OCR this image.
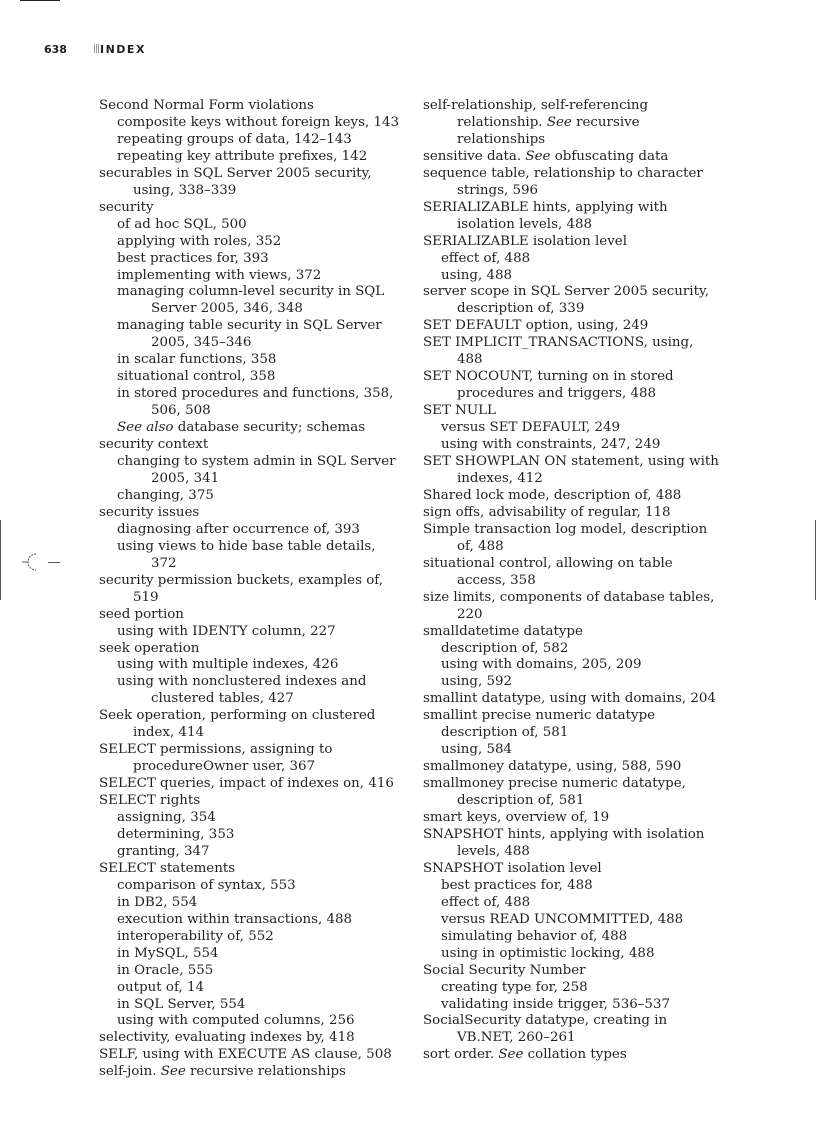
638	INDEX

Second Normal Form violations

composite keys without foreign keys, 143

repeating groups of data, 142–143

repeating key attribute prefixes, 142

securables in SQL Server 2005 security, using, 338–339

security

of ad hoc SQL, 500

applying with roles, 352

best practices for, 393

implementing with views, 372

managing column-level security in SQL Server 2005, 346, 348

managing table security in SQL Server 2005, 345–346

in scalar functions, 358

situational control, 358

in stored procedures and functions, 358, 506, 508

See also database security; schemas

security context

changing to system admin in SQL Server 2005, 341

changing, 375

security issues

diagnosing after occurrence of, 393

using views to hide base table details, 372

security permission buckets, examples of, 519

seed portion

using with IDENTY column, 227

seek operation

using with multiple indexes, 426

using with nonclustered indexes and clustered tables, 427

Seek operation, performing on clustered index, 414

SELECT permissions, assigning to procedureOwner user, 367

SELECT queries, impact of indexes on, 416

SELECT rights

assigning, 354

determining, 353

granting, 347

SELECT statements

comparison of syntax, 553

in DB2, 554

execution within transactions, 488

interoperability of, 552

in MySQL, 554

in Oracle, 555

output of, 14

in SQL Server, 554

using with computed columns, 256

selectivity, evaluating indexes by, 418

SELF, using with EXECUTE AS clause, 508

self-join. See recursive relationships

self-relationship, self-referencing relationship. See recursive relationships

sensitive data. See obfuscating data

sequence table, relationship to character strings, 596

SERIALIZABLE hints, applying with isolation levels, 488

SERIALIZABLE isolation level

effect of, 488

using, 488

server scope in SQL Server 2005 security, description of, 339

SET DEFAULT option, using, 249

SET IMPLICIT_TRANSACTIONS, using, 488

SET NOCOUNT, turning on in stored procedures and triggers, 488

SET NULL

versus SET DEFAULT, 249

using with constraints, 247, 249

SET SHOWPLAN ON statement, using with indexes, 412

Shared lock mode, description of, 488

sign offs, advisability of regular, 118

Simple transaction log model, description of, 488

situational control, allowing on table access, 358

size limits, components of database tables, 220

smalldatetime datatype

description of, 582

using with domains, 205, 209

using, 592

smallint datatype, using with domains, 204

smallint precise numeric datatype

description of, 581

using, 584

smallmoney datatype, using, 588, 590

smallmoney precise numeric datatype, description of, 581

smart keys, overview of, 19

SNAPSHOT hints, applying with isolation levels, 488

SNAPSHOT isolation level

best practices for, 488

effect of, 488

versus READ UNCOMMITTED, 488

simulating behavior of, 488

using in optimistic locking, 488

Social Security Number

creating type for, 258

validating inside trigger, 536–537

SocialSecurity datatype, creating in VB.NET, 260–261

sort order. See collation types
